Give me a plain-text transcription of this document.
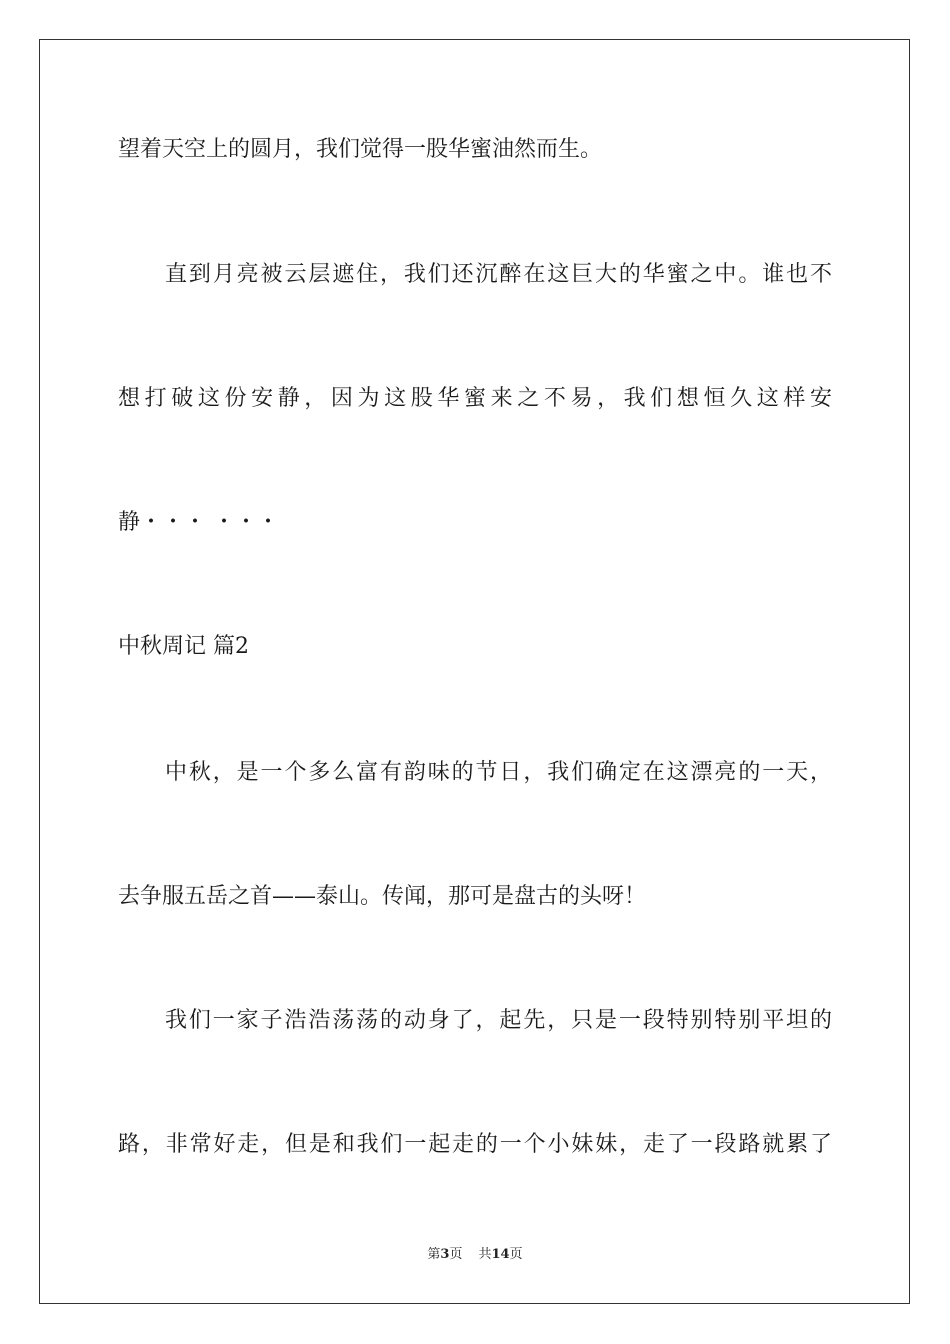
望着天空上的圆月，我们觉得一股华蜜油然而生。
直到月亮被云层遮住，我们还沉醉在这巨大的华蜜之中。谁也不
想打破这份安静，因为这股华蜜来之不易，我们想恒久这样安
静・・・ ・・・
中秋周记 篇2
中秋，是一个多么富有韵味的节日，我们确定在这漂亮的一天，
去争服五岳之首——泰山。传闻，那可是盘古的头呀！
我们一家子浩浩荡荡的动身了，起先，只是一段特别特别平坦的
路，非常好走，但是和我们一起走的一个小妹妹，走了一段路就累了
第3页 共14页
